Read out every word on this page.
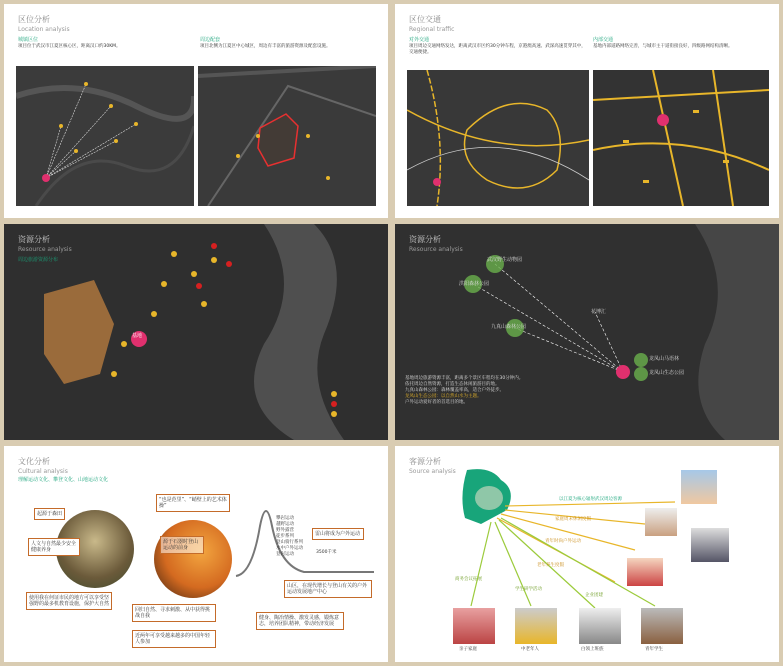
区位分析
Location analysis
城镇区位
项目位于武汉市江夏区核心区，距离汉口约30KM。
周边配套
项目北侧为江夏区中心城区，周边有丰富的旅游资源及配套设施。
区位交通
Regional traffic
对外交通
项目周边交通网络发达，距离武汉市区约30分钟车程，京港澳高速、武深高速贯穿其中，交通便捷。
内部交通
基地内部道路网络完善，与城市主干道衔接良好，四级路网结构清晰。
资源分析
Resource analysis
周边旅游资源分布
基地
资源分析
Resource analysis
武汉野生动物园
洪阳森林公园
九真山森林公园
花博汇
龙凤山马语林
龙凤山生态公园
基地周边旅游资源丰富，距离多个景区车程均在30分钟内。
依托周边自然资源，打造生态休闲旅游目的地。
九真山森林公园：森林覆盖率高，适合户外徒步。
龙凤山生态公园：以自然山水为主题。
户外运动爱好者的首选目的地。
文化分析
Cultural analysis
理解运动文化、攀登文化、山地运动文化
起源于森田
人文与自然最少安全健康养身
使用我在何证市民的地方可以享受坚强野的最多机教育设施，保护大自然
“也是范里”、“峭壁上的艺术体操”
源于石器时登山运动的前身
回归自然、寻求刺激、从中获得挑战自我
近两年可享受越来越多的中国年轻人参加
攀岩运动
越野运动
野外露营
徒步系列
登山骑行系列
水中户外运动
登岩运动
雷山将成为户外运动
3500千米
山区，在现代增长与登山有关的户外运动发展地产中心
健身、陶冶情操、激发灵感，锻炼意志，培养团队精神，带动经济发展
客源分析
Source analysis
以江夏为核心辐射武汉周边客源
家庭周末休闲度假
青年时尚户外运动
老年养生度假
商务会议拓展
学生研学活动
企业团建
亲子家庭	中老年人	白领上班族	青年学生
